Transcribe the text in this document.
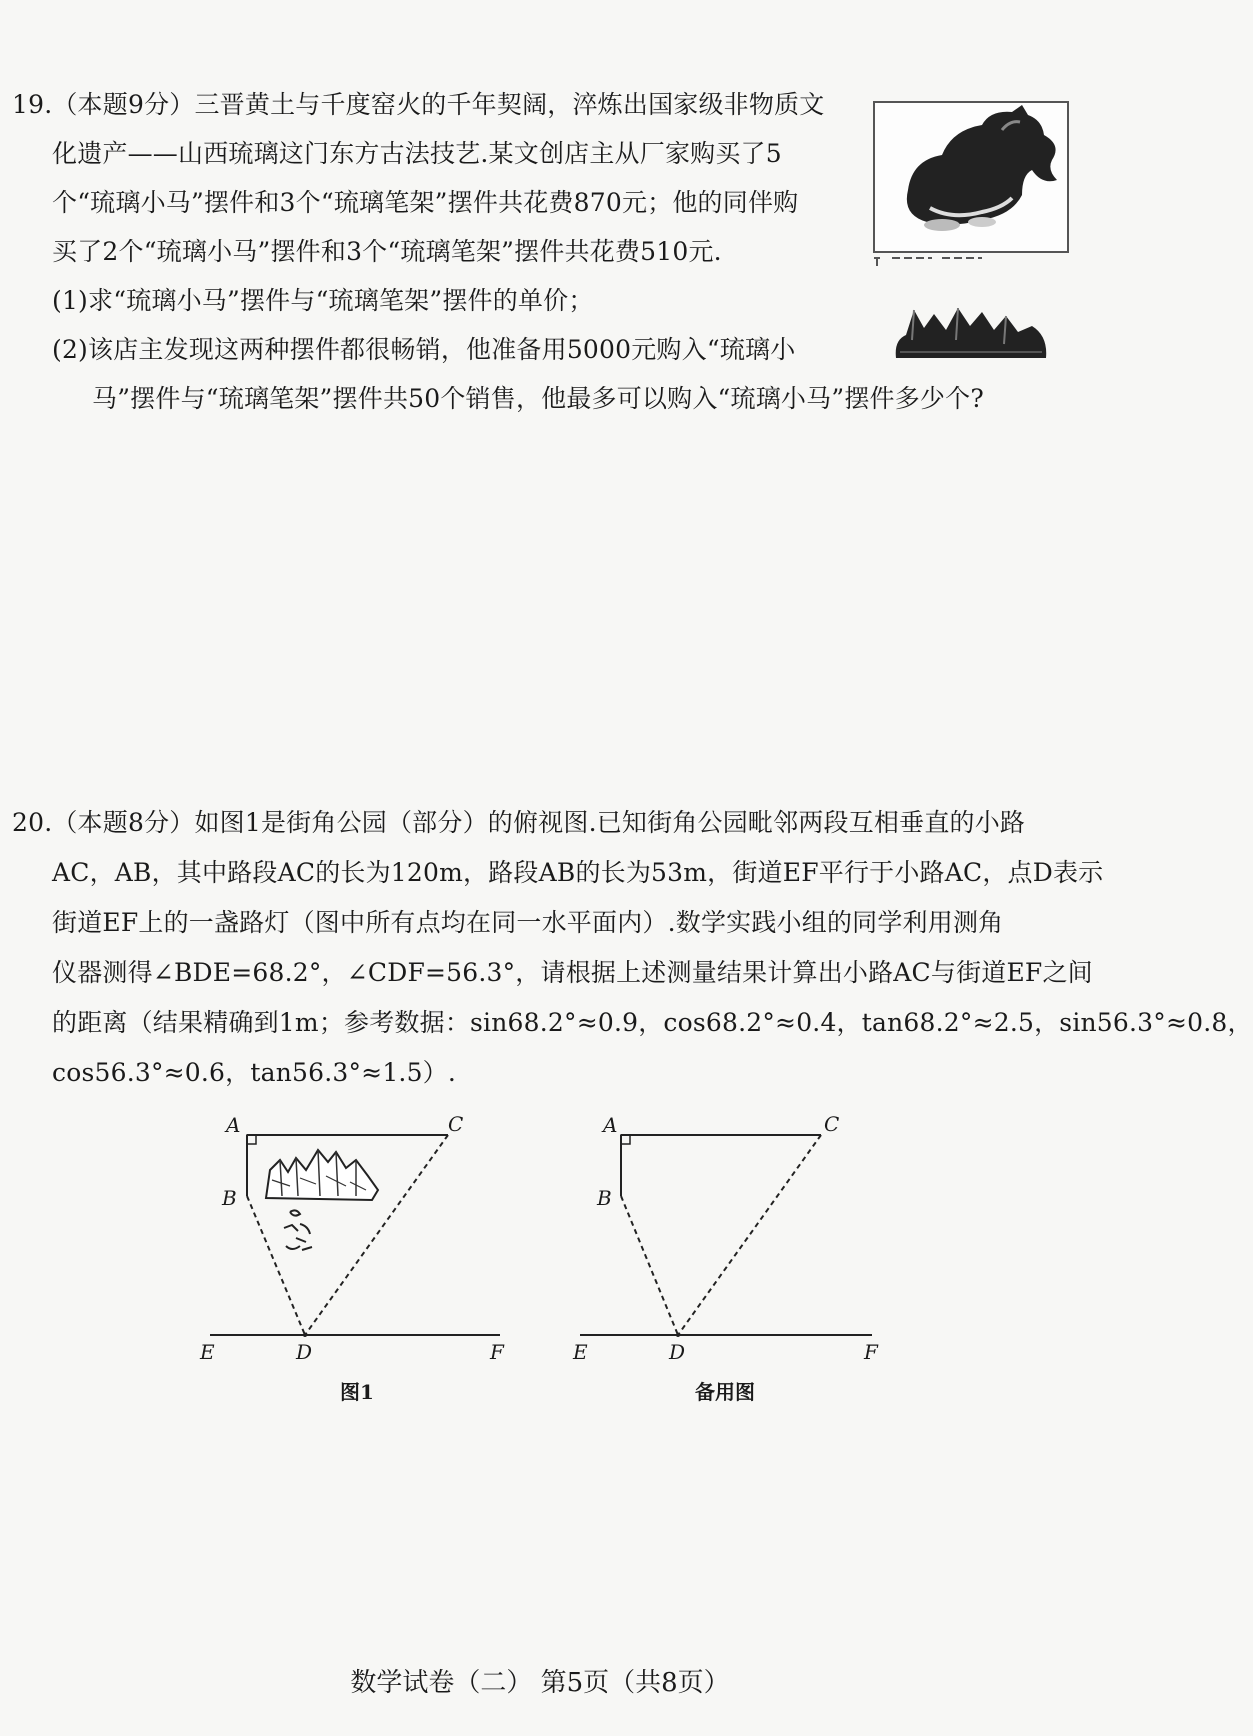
19.（本题9分）三晋黄土与千度窑火的千年契阔，淬炼出国家级非物质文
化遗产——山西琉璃这门东方古法技艺.某文创店主从厂家购买了5
个“琉璃小马”摆件和3个“琉璃笔架”摆件共花费870元；他的同伴购
买了2个“琉璃小马”摆件和3个“琉璃笔架”摆件共花费510元.
(1)求“琉璃小马”摆件与“琉璃笔架”摆件的单价；
(2)该店主发现这两种摆件都很畅销，他准备用5000元购入“琉璃小
马”摆件与“琉璃笔架”摆件共50个销售，他最多可以购入“琉璃小马”摆件多少个?
20.（本题8分）如图1是街角公园（部分）的俯视图.已知街角公园毗邻两段互相垂直的小路
AC，AB，其中路段AC的长为120m，路段AB的长为53m，街道EF平行于小路AC，点D表示
街道EF上的一盏路灯（图中所有点均在同一水平面内）.数学实践小组的同学利用测角
仪器测得∠BDE=68.2°，∠CDF=56.3°，请根据上述测量结果计算出小路AC与街道EF之间
的距离（结果精确到1m；参考数据：sin68.2°≈0.9，cos68.2°≈0.4，tan68.2°≈2.5，sin56.3°≈0.8，
cos56.3°≈0.6，tan56.3°≈1.5）.
A	C
B
E	D	F
图1
A	C
B
E	D	F
备用图
数学试卷（二） 第5页（共8页）
